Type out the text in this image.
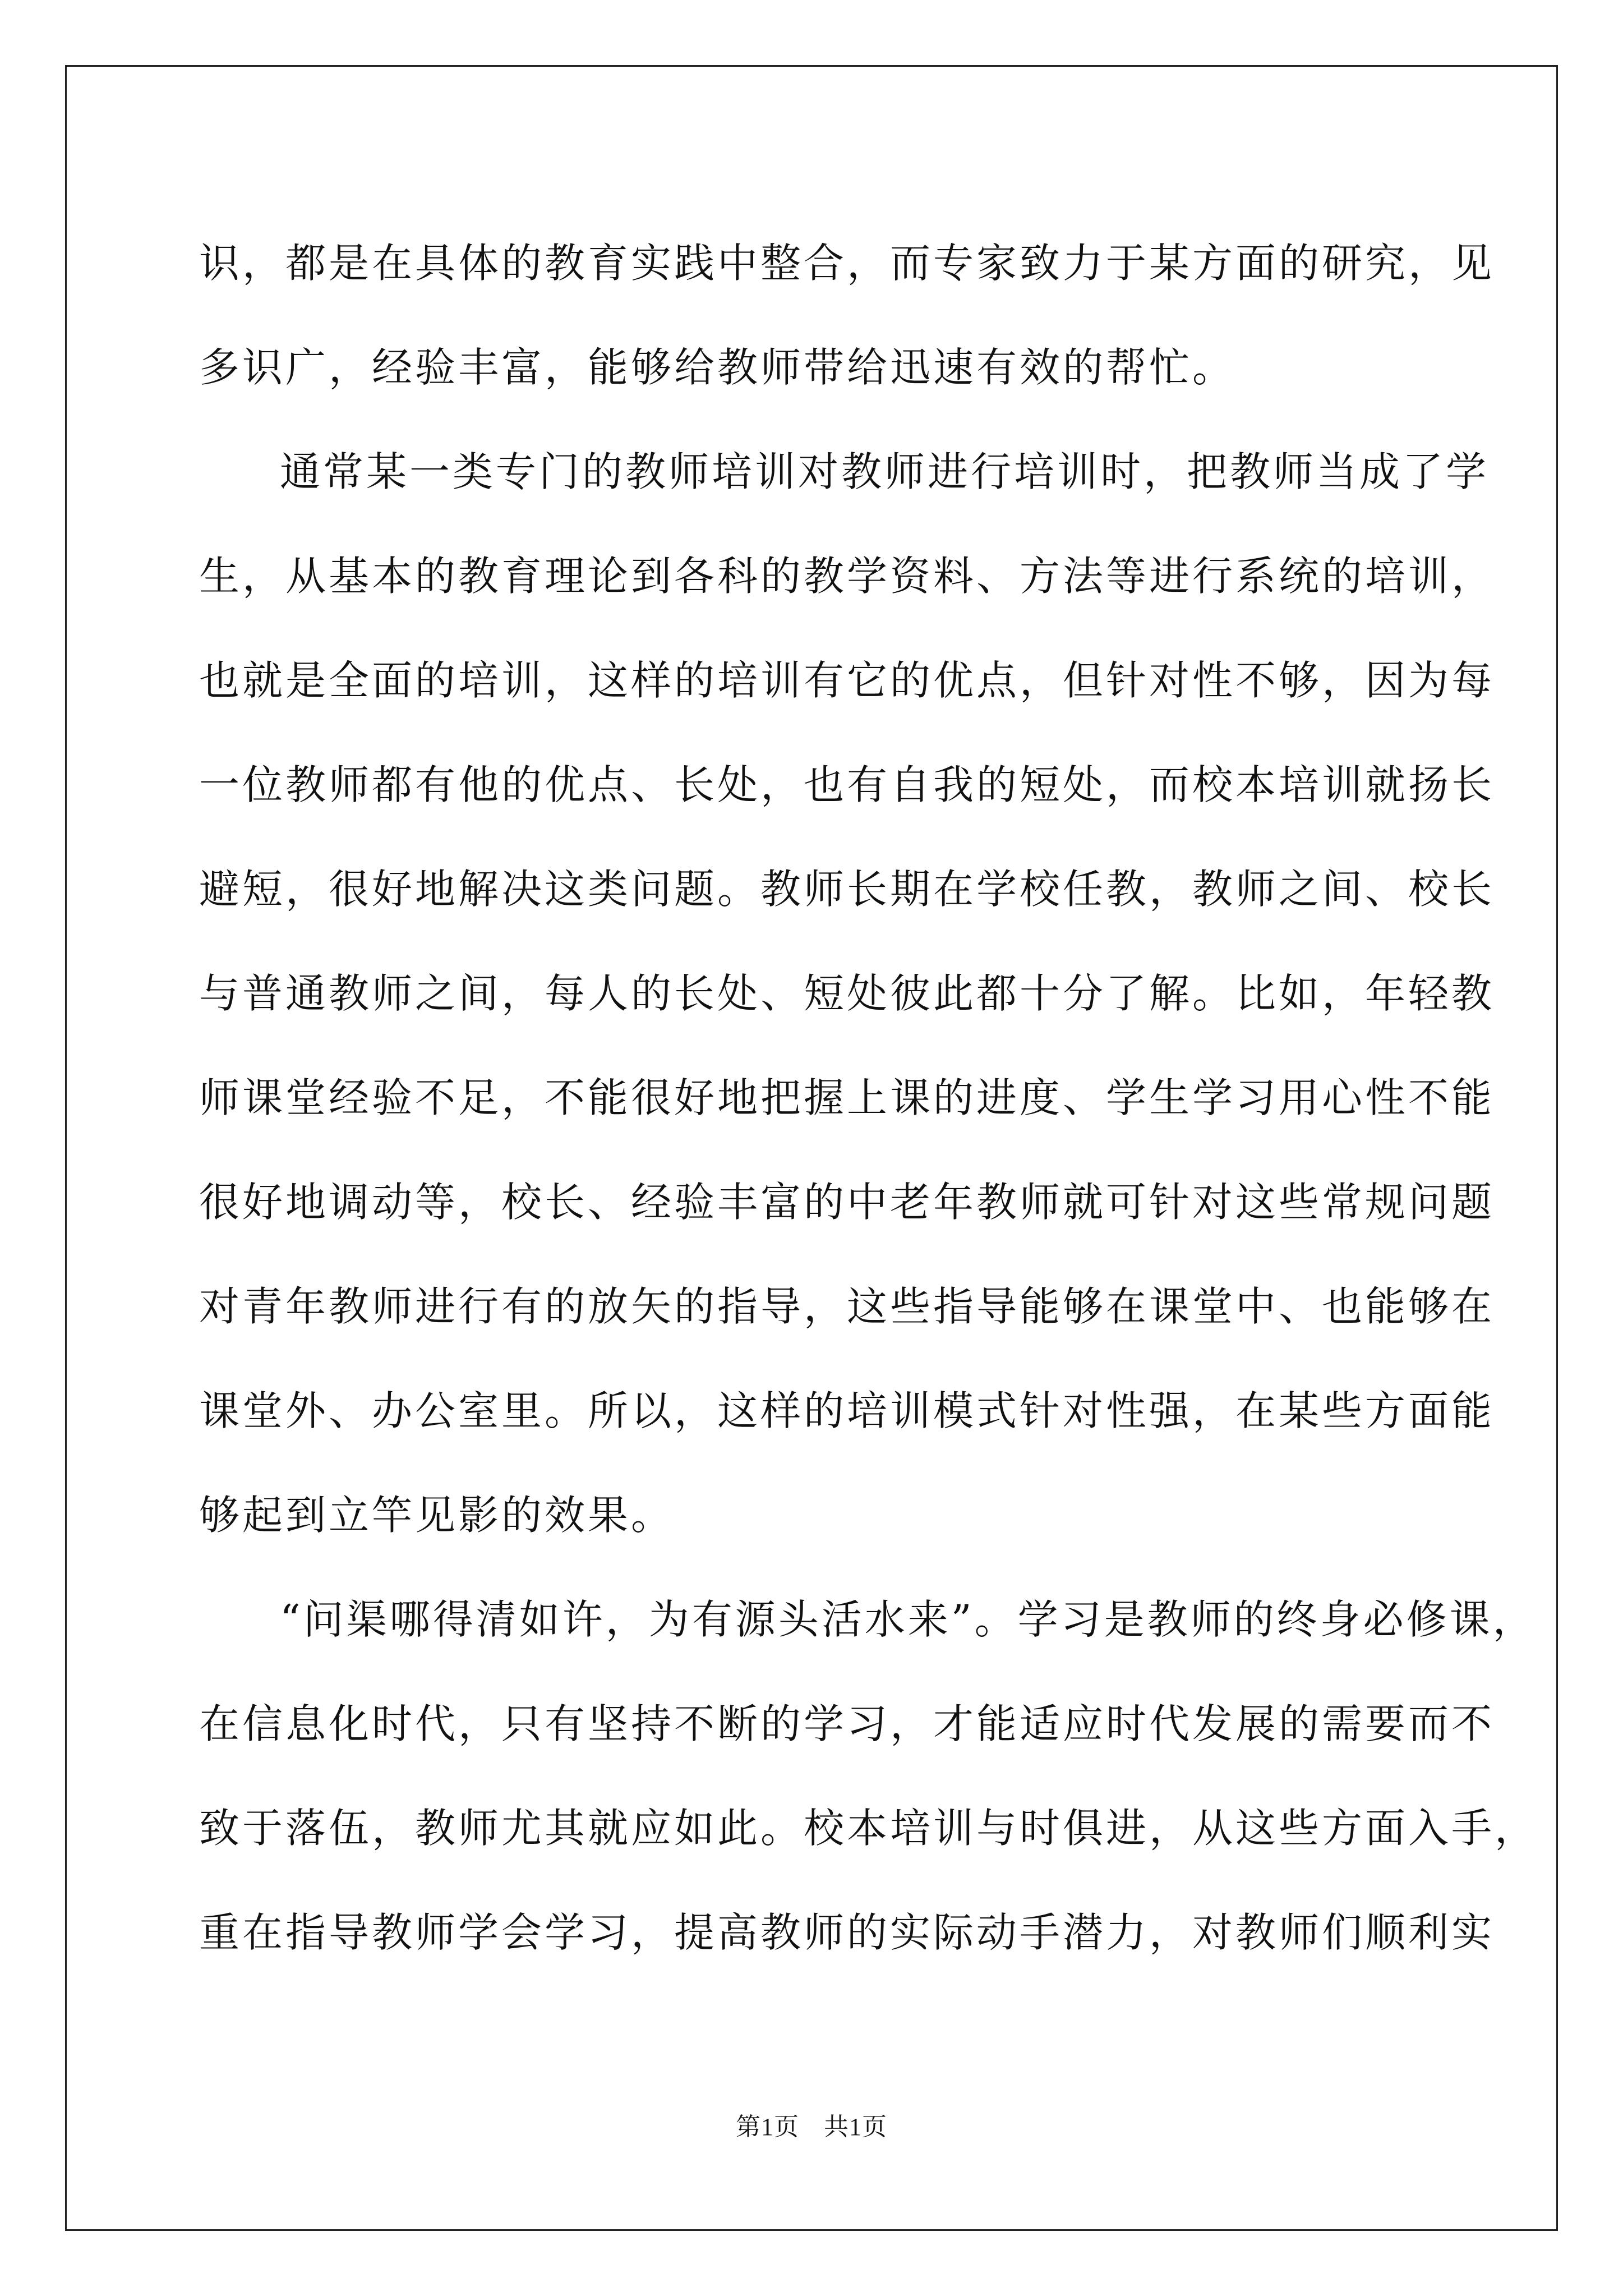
识，都是在具体的教育实践中整合，而专家致力于某方面的研究，见
多识广，经验丰富，能够给教师带给迅速有效的帮忙。
通常某一类专门的教师培训对教师进行培训时，把教师当成了学
生，从基本的教育理论到各科的教学资料、方法等进行系统的培训，
也就是全面的培训，这样的培训有它的优点，但针对性不够，因为每
一位教师都有他的优点、长处，也有自我的短处，而校本培训就扬长
避短，很好地解决这类问题。教师长期在学校任教，教师之间、校长
与普通教师之间，每人的长处、短处彼此都十分了解。比如，年轻教
师课堂经验不足，不能很好地把握上课的进度、学生学习用心性不能
很好地调动等，校长、经验丰富的中老年教师就可针对这些常规问题
对青年教师进行有的放矢的指导，这些指导能够在课堂中、也能够在
课堂外、办公室里。所以，这样的培训模式针对性强，在某些方面能
够起到立竿见影的效果。
“问渠哪得清如许，为有源头活水来”。学习是教师的终身必修课，
在信息化时代，只有坚持不断的学习，才能适应时代发展的需要而不
致于落伍，教师尤其就应如此。校本培训与时俱进，从这些方面入手，
重在指导教师学会学习，提高教师的实际动手潜力，对教师们顺利实
第1页 共1页
